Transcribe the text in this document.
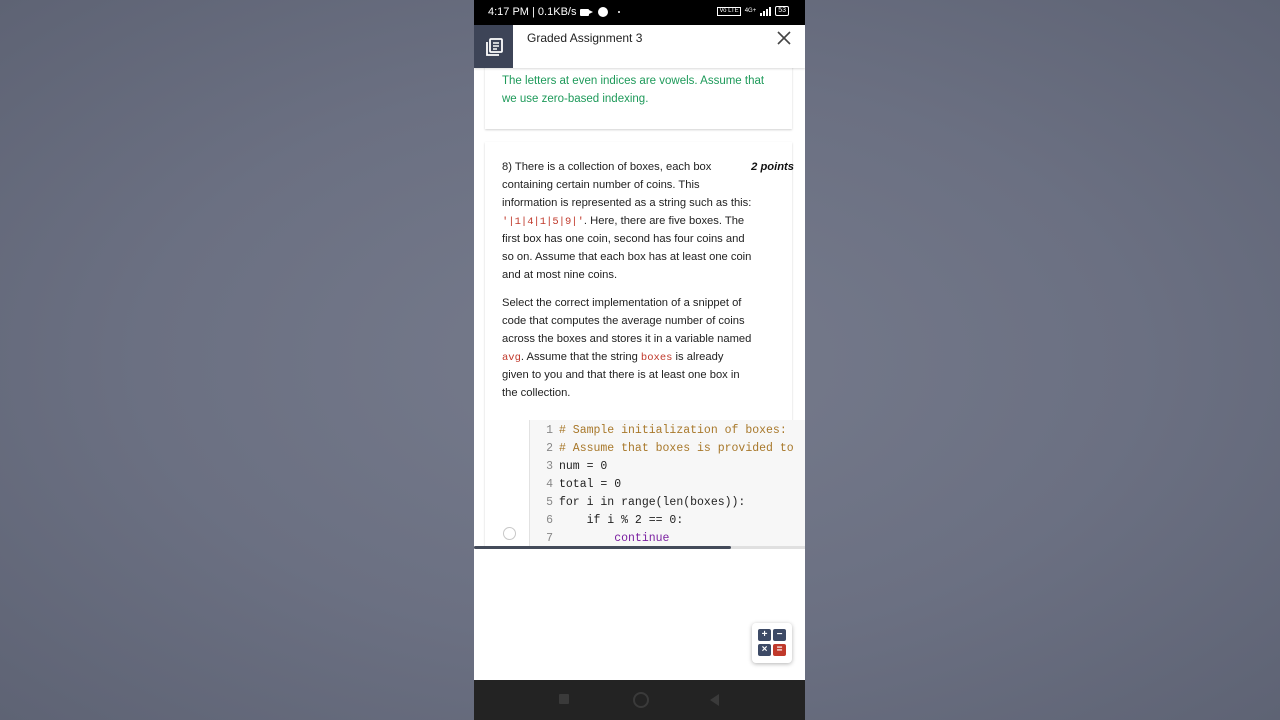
4:17 PM | 0.1KB/s	Vo LTE	4G+	53
Graded Assignment 3
The letters at even indices are vowels. Assume that we use zero-based indexing.
8) There is a collection of boxes, each box	2 points
containing certain number of coins. This
information is represented as a string such as this:
'|1|4|1|5|9|'. Here, there are five boxes. The
first box has one coin, second has four coins and
so on. Assume that each box has at least one coin
and at most nine coins.
Select the correct implementation of a snippet of
code that computes the average number of coins
across the boxes and stores it in a variable named
avg. Assume that the string boxes is already
given to you and that there is at least one box in
the collection.
1 # Sample initialization of boxes:
2 # Assume that boxes is provided to
3 num = 0
4 total = 0
5 for i in range(len(boxes)):
6    if i % 2 == 0:
7        continue
+ −
× =
